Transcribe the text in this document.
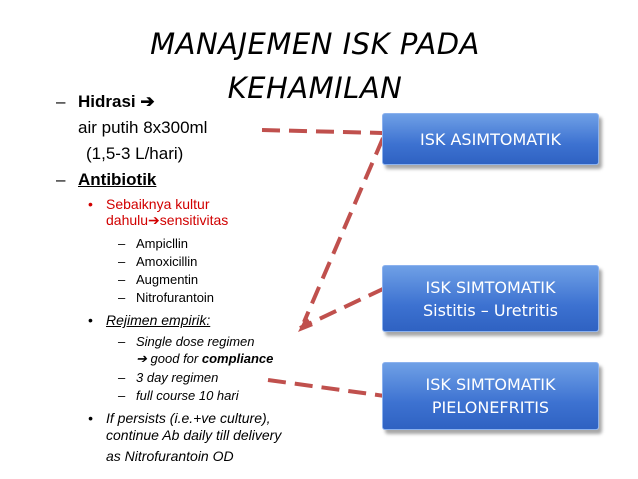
MANAJEMEN ISK PADA
KEHAMILAN
– Hidrasi ➔
air putih 8x300ml
(1,5-3 L/hari)
– Antibiotik
• Sebaiknya kultur
dahulu➔sensitivitas
– Ampicllin
– Amoxicillin
– Augmentin
– Nitrofurantoin
• Rejimen empirik:
– Single dose regimen
➔ good for compliance
– 3 day regimen
– full course 10 hari
• If persists (i.e.+ve culture),
continue Ab daily till delivery
as Nitrofurantoin OD
ISK ASIMTOMATIK
ISK SIMTOMATIK
Sistitis – Uretritis
ISK SIMTOMATIK
PIELONEFRITIS
